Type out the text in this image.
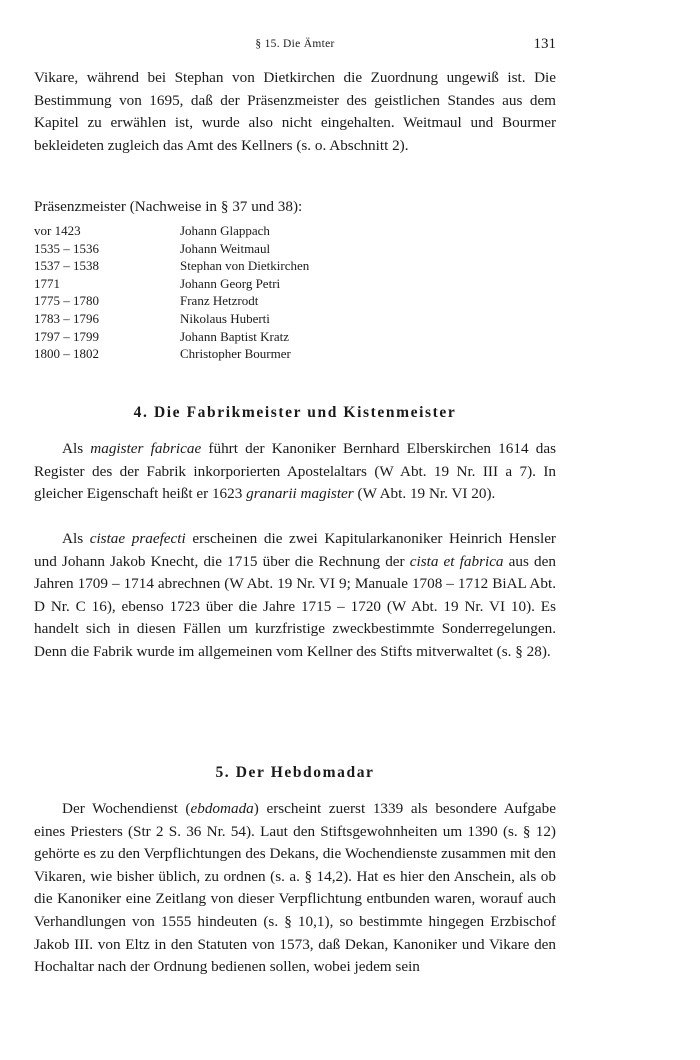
§ 15. Die Ämter	131

Vikare, während bei Stephan von Dietkirchen die Zuordnung ungewiß ist. Die Bestimmung von 1695, daß der Präsenzmeister des geistlichen Standes aus dem Kapitel zu erwählen ist, wurde also nicht eingehalten. Weitmaul und Bourmer bekleideten zugleich das Amt des Kellners (s. o. Abschnitt 2).

Präsenzmeister (Nachweise in § 37 und 38):

vor 1423	Johann Glappach
1535 – 1536	Johann Weitmaul
1537 – 1538	Stephan von Dietkirchen
1771	Johann Georg Petri
1775 – 1780	Franz Hetzrodt
1783 – 1796	Nikolaus Huberti
1797 – 1799	Johann Baptist Kratz
1800 – 1802	Christopher Bourmer
4. Die Fabrikmeister und Kistenmeister

Als magister fabricae führt der Kanoniker Bernhard Elberskirchen 1614 das Register des der Fabrik inkorporierten Apostelaltars (W Abt. 19 Nr. III a 7). In gleicher Eigenschaft heißt er 1623 granarii magister (W Abt. 19 Nr. VI 20).

Als cistae praefecti erscheinen die zwei Kapitularkanoniker Heinrich Hensler und Johann Jakob Knecht, die 1715 über die Rechnung der cista et fabrica aus den Jahren 1709 – 1714 abrechnen (W Abt. 19 Nr. VI 9; Manuale 1708 – 1712 BiAL Abt. D Nr. C 16), ebenso 1723 über die Jahre 1715 – 1720 (W Abt. 19 Nr. VI 10). Es handelt sich in diesen Fällen um kurzfristige zweckbestimmte Sonderregelungen. Denn die Fabrik wurde im allgemeinen vom Kellner des Stifts mitverwaltet (s. § 28).

5. Der Hebdomadar

Der Wochendienst (ebdomada) erscheint zuerst 1339 als besondere Aufgabe eines Priesters (Str 2 S. 36 Nr. 54). Laut den Stiftsgewohnheiten um 1390 (s. § 12) gehörte es zu den Verpflichtungen des Dekans, die Wochendienste zusammen mit den Vikaren, wie bisher üblich, zu ordnen (s. a. § 14,2). Hat es hier den Anschein, als ob die Kanoniker eine Zeitlang von dieser Verpflichtung entbunden waren, worauf auch Verhandlungen von 1555 hindeuten (s. § 10,1), so bestimmte hingegen Erzbischof Jakob III. von Eltz in den Statuten von 1573, daß Dekan, Kanoniker und Vikare den Hochaltar nach der Ordnung bedienen sollen, wobei jedem sein
